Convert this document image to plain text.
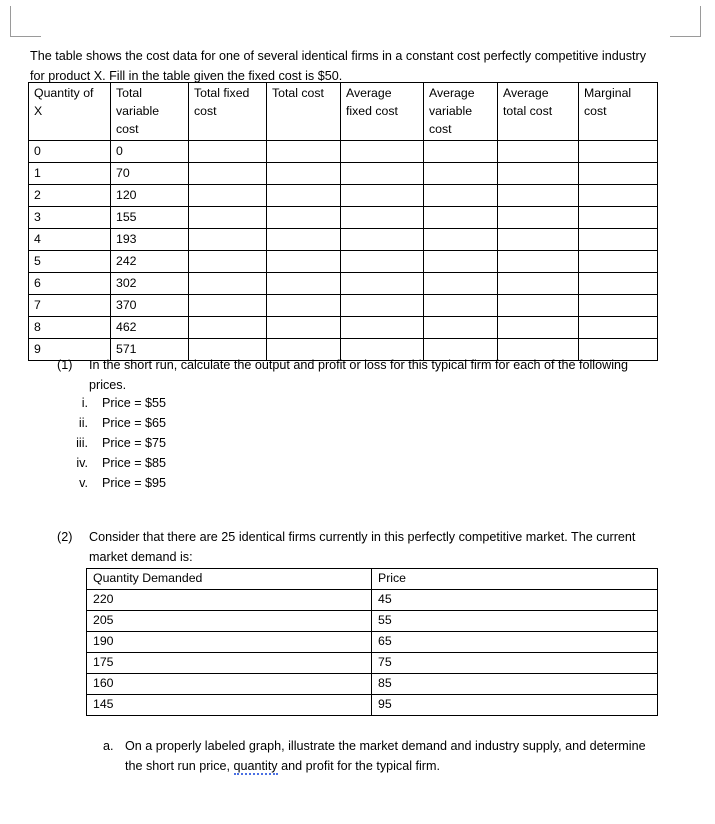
The table shows the cost data for one of several identical firms in a constant cost perfectly competitive industry for product X. Fill in the table given the fixed cost is $50.

Quantity of X	Total variable cost	Total fixed cost	Total cost	Average fixed cost	Average variable cost	Average total cost	Marginal cost
0	0						
1	70						
2	120						
3	155						
4	193						
5	242						
6	302						
7	370						
8	462						
9	571						
(1)	In the short run, calculate the output and profit or loss for this typical firm for each of the following prices.
i.	Price = $55
ii.	Price = $65
iii.	Price = $75
iv.	Price = $85
v.	Price = $95
(2)	Consider that there are 25 identical firms currently in this perfectly competitive market. The current market demand is:
Quantity Demanded	Price
220	45
205	55
190	65
175	75
160	85
145	95
a. On a properly labeled graph, illustrate the market demand and industry supply, and determine the short run price, quantity and profit for the typical firm.
